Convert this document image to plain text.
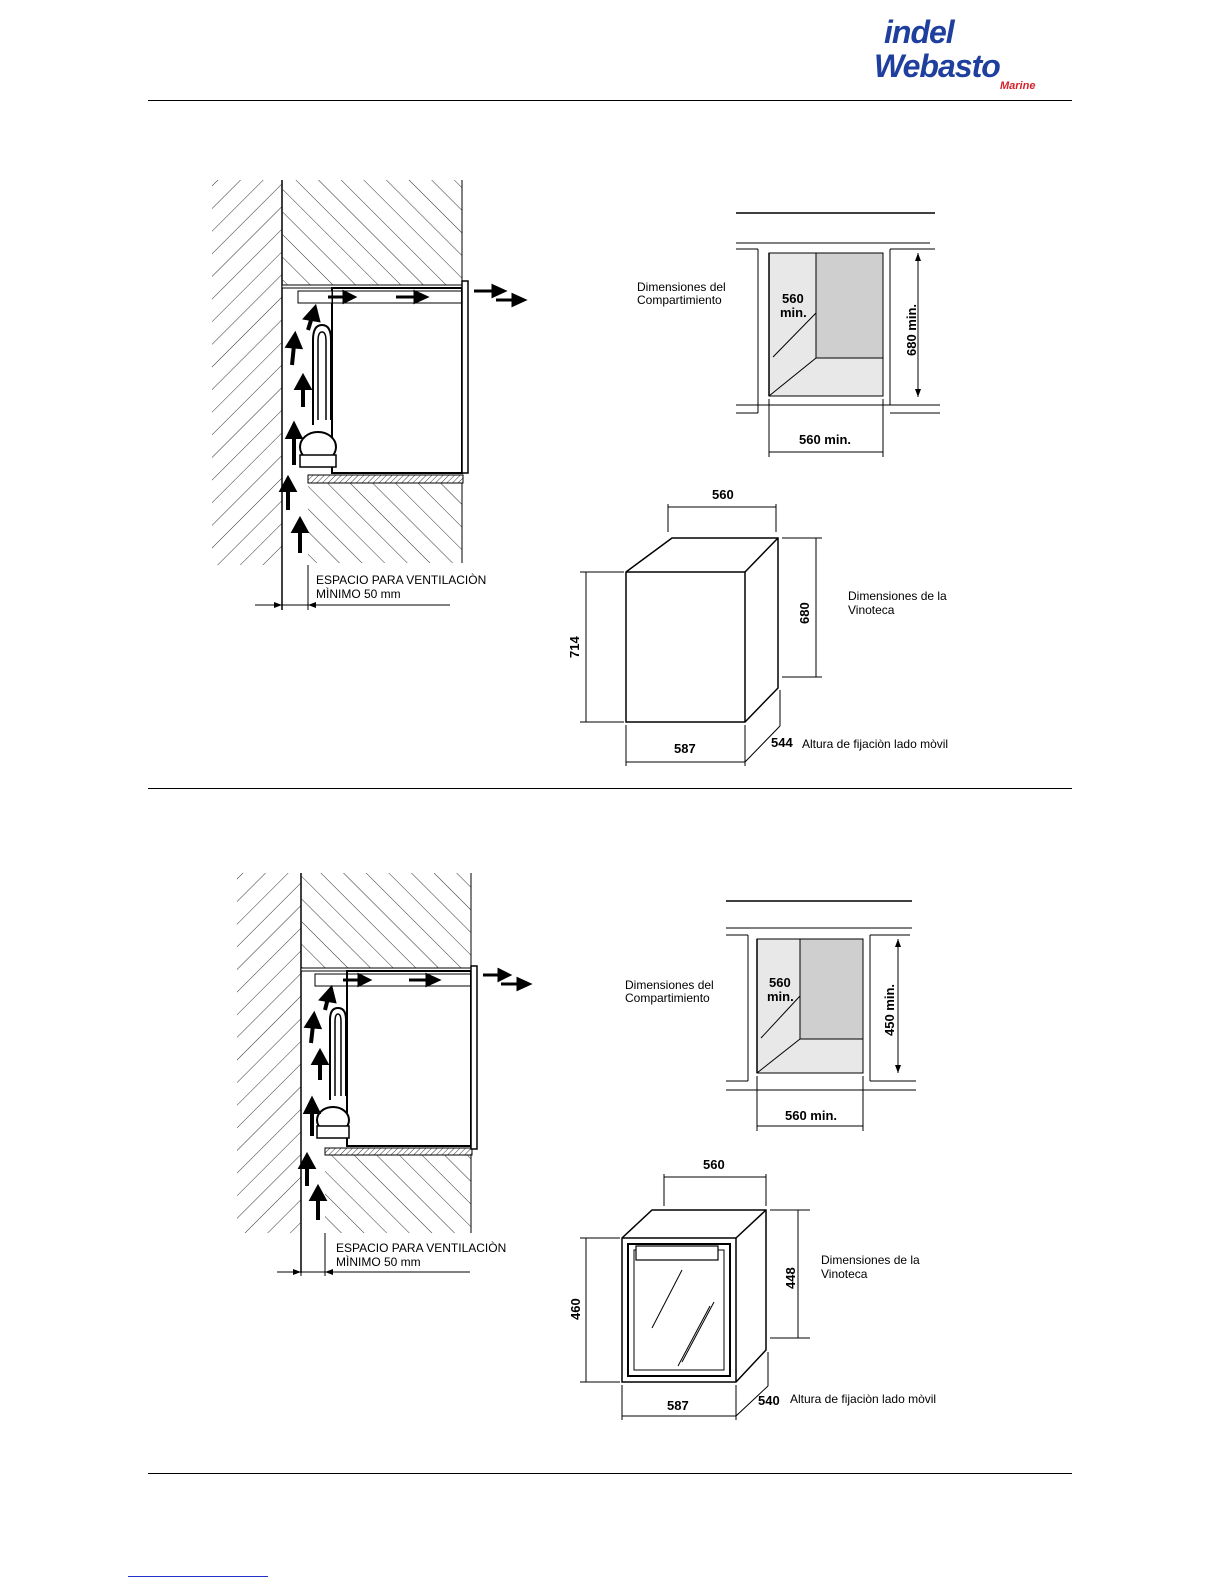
indel
Webasto
Marine
ESPACIO PARA VENTILACIÒN
MÌNIMO 50 mm
Dimensiones del
Compartimiento	560
min.	680 min.
560 min.
560
680
714
587	544 Altura de fijaciòn lado mòvil
Dimensiones de la
Vinoteca
ESPACIO PARA VENTILACIÒN
MÌNIMO 50 mm
Dimensiones del
Compartimiento
560
min.	450 min.
560 min.
560
448
460
587	540 Altura de fijaciòn lado mòvil
Dimensiones de la
Vinoteca
